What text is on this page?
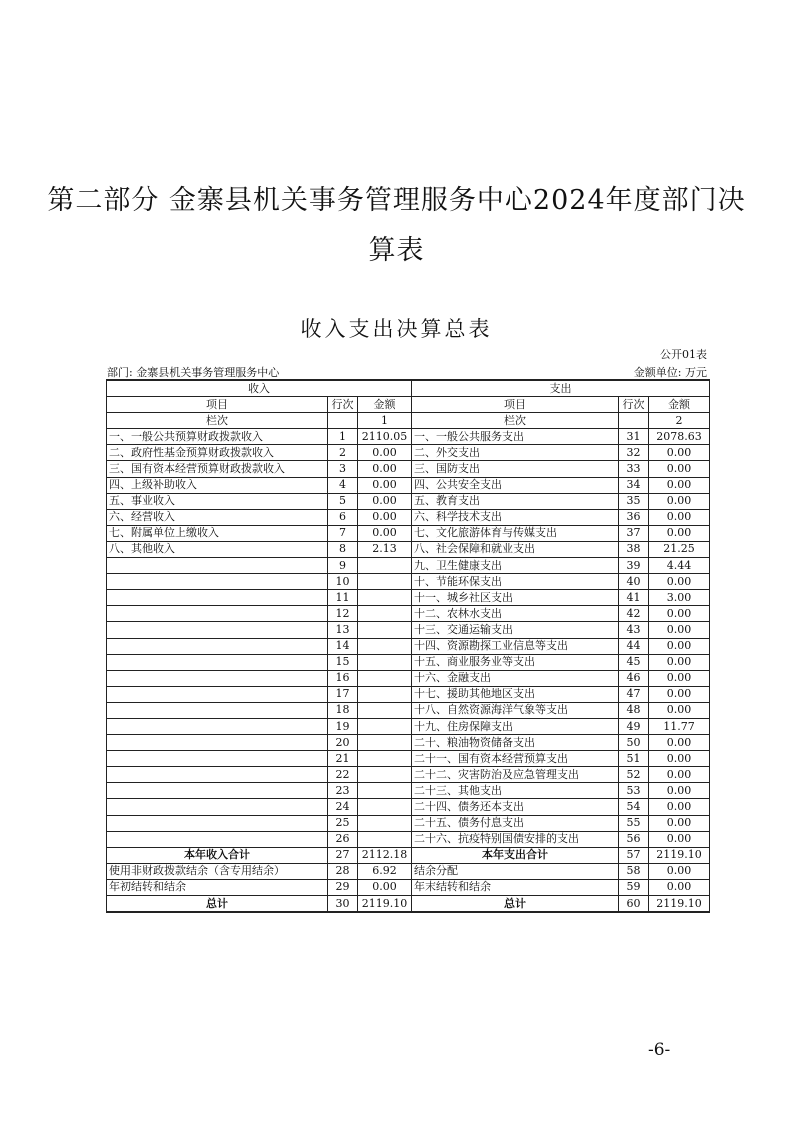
第二部分 金寨县机关事务管理服务中心2024年度部门决
算表
收入支出决算总表
公开01表
部门: 金寨县机关事务管理服务中心	金额单位: 万元
收入			支出		
项目	行次	金额	项目	行次	金额
栏次		1	栏次		2
一、一般公共预算财政拨款收入	1	2110.05	一、一般公共服务支出	31	2078.63
二、政府性基金预算财政拨款收入	2	0.00	二、外交支出	32	0.00
三、国有资本经营预算财政拨款收入	3	0.00	三、国防支出	33	0.00
四、上级补助收入	4	0.00	四、公共安全支出	34	0.00
五、事业收入	5	0.00	五、教育支出	35	0.00
六、经营收入	6	0.00	六、科学技术支出	36	0.00
七、附属单位上缴收入	7	0.00	七、文化旅游体育与传媒支出	37	0.00
八、其他收入	8	2.13	八、社会保障和就业支出	38	21.25
	9		九、卫生健康支出	39	4.44
	10		十、节能环保支出	40	0.00
	11		十一、城乡社区支出	41	3.00
	12		十二、农林水支出	42	0.00
	13		十三、交通运输支出	43	0.00
	14		十四、资源勘探工业信息等支出	44	0.00
	15		十五、商业服务业等支出	45	0.00
	16		十六、金融支出	46	0.00
	17		十七、援助其他地区支出	47	0.00
	18		十八、自然资源海洋气象等支出	48	0.00
	19		十九、住房保障支出	49	11.77
	20		二十、粮油物资储备支出	50	0.00
	21		二十一、国有资本经营预算支出	51	0.00
	22		二十二、灾害防治及应急管理支出	52	0.00
	23		二十三、其他支出	53	0.00
	24		二十四、债务还本支出	54	0.00
	25		二十五、债务付息支出	55	0.00
	26		二十六、抗疫特别国债安排的支出	56	0.00
本年收入合计	27	2112.18	本年支出合计	57	2119.10
使用非财政拨款结余（含专用结余）	28	6.92	结余分配	58	0.00
年初结转和结余	29	0.00	年末结转和结余	59	0.00
总计	30	2119.10	总计	60	2119.10
-6-
